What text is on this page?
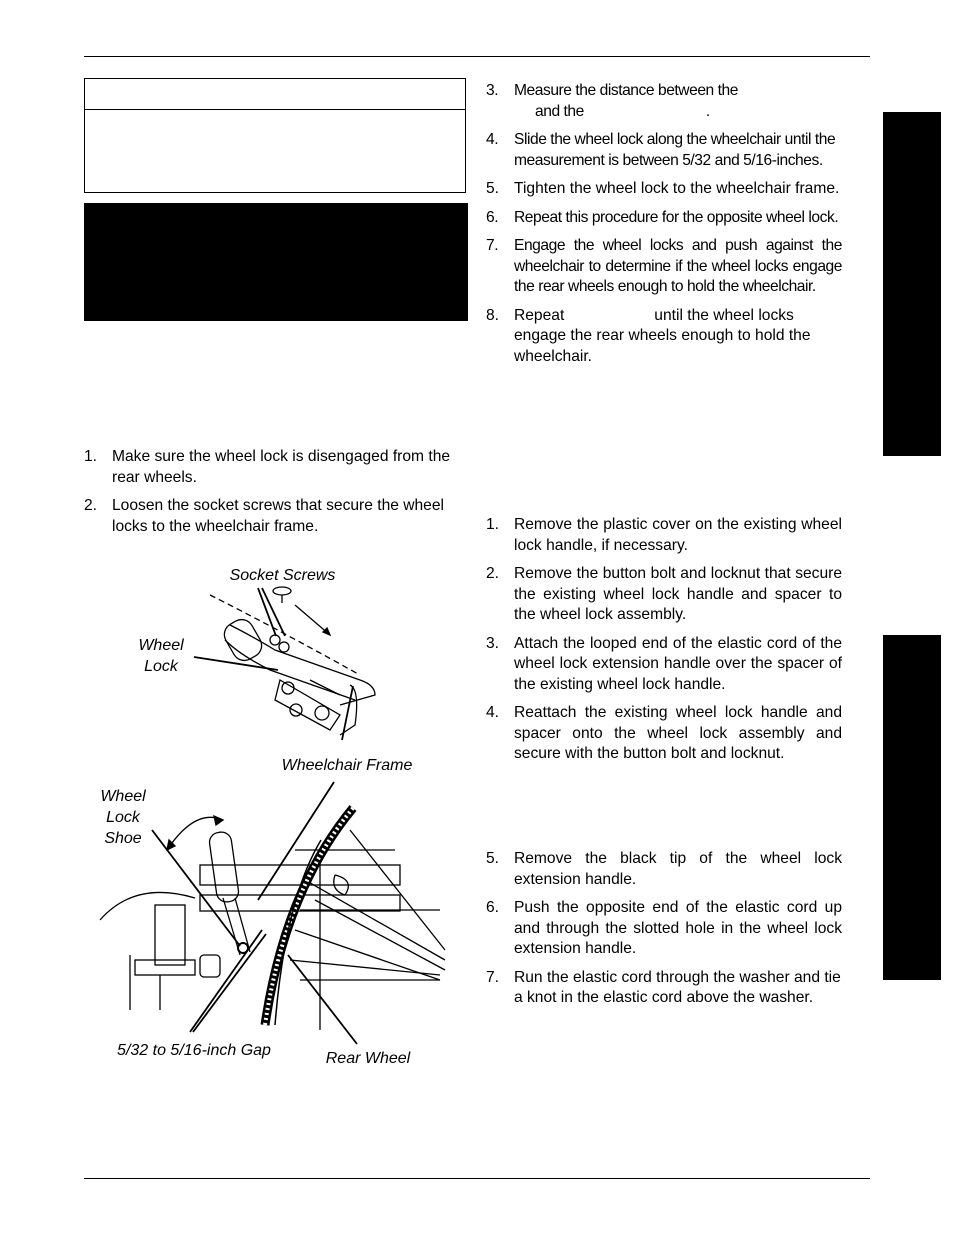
1. Make sure the wheel lock is disengaged from the rear wheels.
2. Loosen the socket screws that secure the wheel locks to the wheelchair frame.
Socket Screws
Wheel Lock
Wheelchair Frame
Wheel Lock Shoe
5/32 to 5/16-inch Gap	Rear Wheel
3. Measure the distance between the
and the	.
4. Slide the wheel lock along the wheelchair until the measurement is between 5/32 and 5/16-inches.
5. Tighten the wheel lock to the wheelchair frame.
6. Repeat this procedure for the opposite wheel lock.
7. Engage the wheel locks and push against the wheelchair to determine if the wheel locks engage the rear wheels enough to hold the wheelchair.
8. Repeat	until the wheel locks engage the rear wheels enough to hold the wheelchair.
1. Remove the plastic cover on the existing wheel lock handle, if necessary.
2. Remove the button bolt and locknut that secure the existing wheel lock handle and spacer to the wheel lock assembly.
3. Attach the looped end of the elastic cord of the wheel lock extension handle over the spacer of the existing wheel lock handle.
4. Reattach the existing wheel lock handle and spacer onto the wheel lock assembly and secure with the button bolt and locknut.
5. Remove the black tip of the wheel lock extension handle.
6. Push the opposite end of the elastic cord up and through the slotted hole in the wheel lock extension handle.
7. Run the elastic cord through the washer and tie a knot in the elastic cord above the washer.
